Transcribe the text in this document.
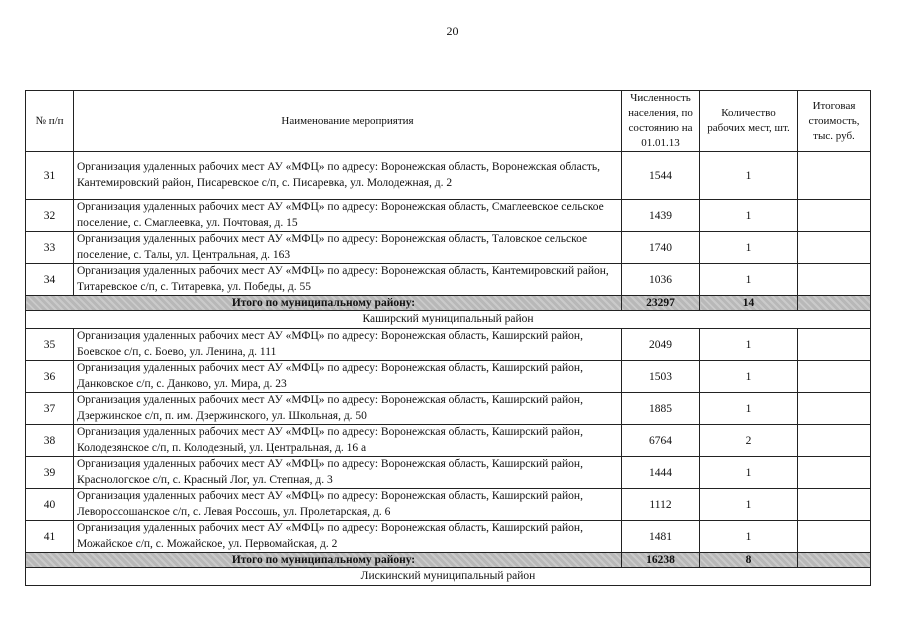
20
№ п/п	Наименование мероприятия	Численность населения, по состоянию на 01.01.13	Количество рабочих мест, шт.	Итоговая стоимость, тыс. руб.
31	Организация удаленных рабочих мест АУ «МФЦ» по адресу: Воронежская область, Воронежская область, Кантемировский район, Писаревское с/п, с. Писаревка, ул. Молодежная, д. 2	1544	1	
32	Организация удаленных рабочих мест АУ «МФЦ» по адресу: Воронежская область, Смаглеевское сельское поселение, с. Смаглеевка, ул. Почтовая, д. 15	1439	1	
33	Организация удаленных рабочих мест АУ «МФЦ» по адресу: Воронежская область, Таловское сельское поселение, с. Талы, ул. Центральная, д. 163	1740	1	
34	Организация удаленных рабочих мест АУ «МФЦ» по адресу: Воронежская область, Кантемировский район, Титаревское с/п, с. Титаревка, ул. Победы, д. 55	1036	1	
Итого по муниципальному району:		23297	14	
Каширский муниципальный район				
35	Организация удаленных рабочих мест АУ «МФЦ» по адресу: Воронежская область, Каширский район, Боевское с/п, с. Боево, ул. Ленина, д. 111	2049	1	
36	Организация удаленных рабочих мест АУ «МФЦ» по адресу: Воронежская область, Каширский район, Данковское с/п, с. Данково, ул. Мира, д. 23	1503	1	
37	Организация удаленных рабочих мест АУ «МФЦ» по адресу: Воронежская область, Каширский район, Дзержинское с/п, п. им. Дзержинского, ул. Школьная, д. 50	1885	1	
38	Организация удаленных рабочих мест АУ «МФЦ» по адресу: Воронежская область, Каширский район, Колодезянское с/п, п. Колодезный, ул. Центральная, д. 16 а	6764	2	
39	Организация удаленных рабочих мест АУ «МФЦ» по адресу: Воронежская область, Каширский район, Краснологское с/п, с. Красный Лог, ул. Степная, д. 3	1444	1	
40	Организация удаленных рабочих мест АУ «МФЦ» по адресу: Воронежская область, Каширский район, Левороссошанское с/п, с. Левая Россошь, ул. Пролетарская, д. 6	1112	1	
41	Организация удаленных рабочих мест АУ «МФЦ» по адресу: Воронежская область, Каширский район, Можайское с/п, с. Можайское, ул. Первомайская, д. 2	1481	1	
Итого по муниципальному району:		16238	8	
Лискинский муниципальный район				
